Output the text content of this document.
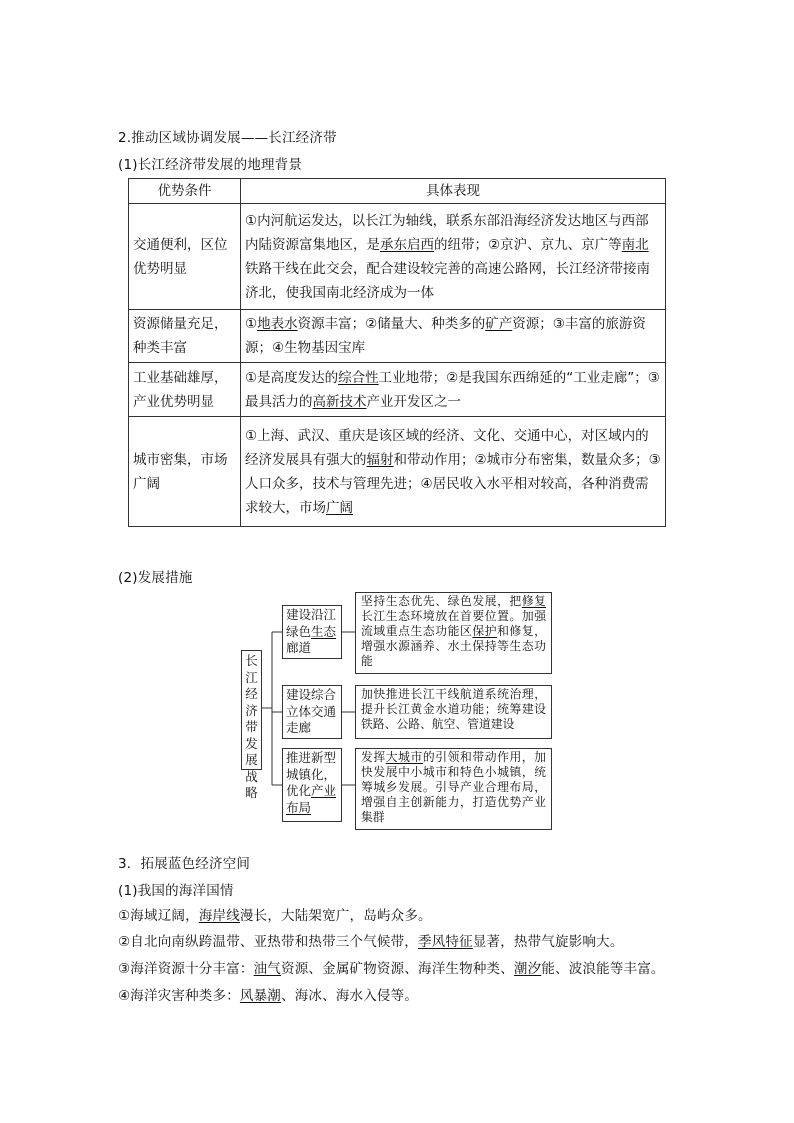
2.推动区域协调发展——长江经济带
(1)长江经济带发展的地理背景
优势条件	具体表现
交通便利，区位优势明显	①内河航运发达，以长江为轴线，联系东部沿海经济发达地区与西部内陆资源富集地区，是承东启西的纽带；②京沪、京九、京广等南北铁路干线在此交会，配合建设较完善的高速公路网，长江经济带接南济北，使我国南北经济成为一体
资源储量充足，种类丰富	①地表水资源丰富；②储量大、种类多的矿产资源；③丰富的旅游资源；④生物基因宝库
工业基础雄厚，产业优势明显	①是高度发达的综合性工业地带；②是我国东西绵延的“工业走廊”；③最具活力的高新技术产业开发区之一
城市密集，市场广阔	①上海、武汉、重庆是该区域的经济、文化、交通中心，对区域内的经济发展具有强大的辐射和带动作用；②城市分布密集，数量众多；③人口众多，技术与管理先进；④居民收入水平相对较高，各种消费需求较大，市场广阔
(2)发展措施
长江经济带发展战略
建设沿江绿色生态廊道
坚持生态优先、绿色发展，把修复长江生态环境放在首要位置。加强流域重点生态功能区保护和修复，增强水源涵养、水土保持等生态功能
建设综合立体交通走廊
加快推进长江干线航道系统治理，提升长江黄金水道功能；统筹建设铁路、公路、航空、管道建设
推进新型城镇化，优化产业布局
发挥大城市的引领和带动作用，加快发展中小城市和特色小城镇，统筹城乡发展。引导产业合理布局，增强自主创新能力，打造优势产业集群
3．拓展蓝色经济空间
(1)我国的海洋国情
①海域辽阔，海岸线漫长，大陆架宽广，岛屿众多。
②自北向南纵跨温带、亚热带和热带三个气候带，季风特征显著，热带气旋影响大。
③海洋资源十分丰富：油气资源、金属矿物资源、海洋生物种类、潮汐能、波浪能等丰富。
④海洋灾害种类多：风暴潮、海冰、海水入侵等。
